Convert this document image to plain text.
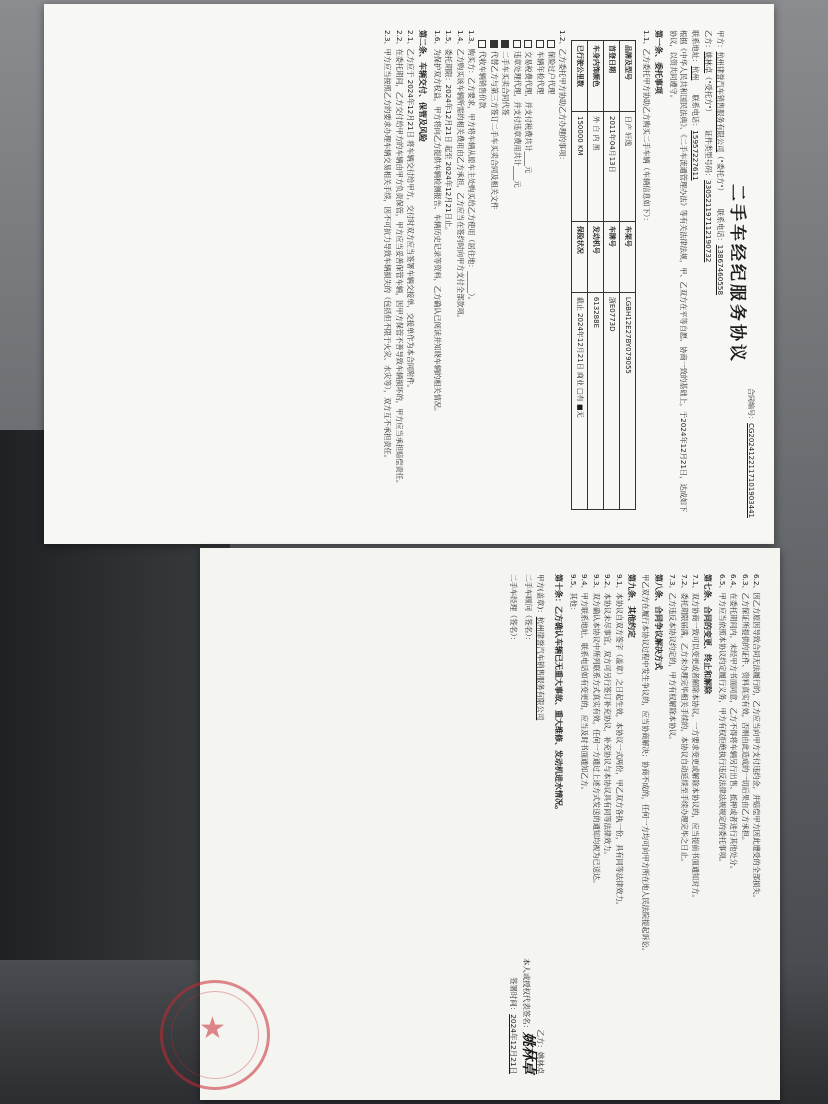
合同编号：CG2024122117101903441
二手车经纪服务协议
甲方：杭州律誉汽车销售服务有限公司（"委托方"）
联系电话：13867460558
乙方：姚林卓（"受托方"）
证件类型号码：330521197112190732
联系地址：杭州
联系电话：15957227611
根据《中华人民共和国民法典》、《二手车流通管理办法》等有关法律法规，甲、乙双方在平等自愿、协商一致的基础上，于2024年12月21日，达成如下协议，以资共同遵守。
第一条、委托事项
1.1、乙方委托甲方协助乙方购买二手车辆（车辆信息如下）：
品牌及型号	日产 轩逸	车架号	LGBH12E27BY079055
首登日期	2011年04月13日	车牌号	浙E0773D
车身内饰颜色	外 白 内 黑	发动机号	613288E
已行驶公里数	150000 KM	保险状况	截止 2024年12月21日 商业 □有 ■无
1.2、乙方委托甲方协助乙方办理的事项：
保险过户代理
车辆年检代理
交易税费代理，并支付税费共计____元
违章处理代理，并支付违章费用共计____元
二手车买卖合同代签
代替乙方与第三方签订二手车买卖合同及相关文件
代收车辆销售价款
1.3、购买方：乙方要求，甲方将车辆从原车主处购买给乙方使用（居住地：______）。
1.4、乙方购买该车辆所需的相关费用由乙方承担，乙方应当在签约时向甲方支付全部款项。
1.5、委托期限：2024年12月21日 起至 2024年12月21日止。
1.6、为保护双方权益，甲方将向乙方提供车辆检测报告、车辆历史记录等资料，乙方确认已阅读并知晓车辆的相关情况。
第二条、车辆交付、保管及风险
2.1、乙方应于 2024年12月21日 将车辆交付给甲方，交付时双方应当签署车辆交接单，交接单作为本合同附件。
2.2、在委托期间，乙方交付给甲方的车辆由甲方负责保管，甲方应当妥善保管车辆，因甲方保管不善导致车辆损坏的，甲方应当承担赔偿责任。
2.3、甲方应当按照乙方的要求办理车辆交易相关手续，因不可抗力导致车辆损失的（包括但不限于火灾、水灾等），双方互不承担责任。
6.2、因乙方原因导致合同无法履行的，乙方应当向甲方支付违约金，并赔偿甲方因此遭受的全部损失。
6.3、乙方保证所提供的证件、资料真实有效，否则由此造成的一切后果由乙方承担。
6.4、在委托期间内，未经甲方书面同意，乙方不得将车辆另行出售、抵押或者进行其他处分。
6.5、甲方应当依照本协议约定履行义务，甲方有权拒绝执行违反法律法规规定的委托事项。
第七条、合同的变更、终止和解除
7.1、双方协商一致可以变更或者解除本协议，一方要求变更或解除本协议的，应当提前书面通知对方。
7.2、委托期限届满，乙方未办理完毕相关手续的，本协议自动延续至手续办理完毕之日止。
7.3、乙方违反本协议约定的，甲方有权解除本协议。
第八条、合同争议解决方式
甲乙双方在履行本协议过程中发生争议的，应当协商解决；协商不成的，任何一方均可向甲方所在地人民法院提起诉讼。
第九条、其他约定
9.1、本协议自双方签字（盖章）之日起生效，本协议一式两份，甲乙双方各执一份，具有同等法律效力。
9.2、本协议未尽事宜，双方可另行签订补充协议，补充协议与本协议具有同等法律效力。
9.3、双方确认本协议中所列联系方式真实有效，任何一方通过上述方式发送的通知均视为已送达。
9.4、甲方联系地址、联系电话如有变更的，应当及时书面通知乙方。
9.5、其他：
第十条：乙方确认车辆已无重大事故、重大维修、发动机进水情况。
甲方(盖章)：杭州律誉汽车销售服务有限公司
乙方：姚林卓
二手车顾问（签名）：
本人或授权代表签名：姚林卓
二手车经理（签名）：
签署时间：2024年12月21日
★
